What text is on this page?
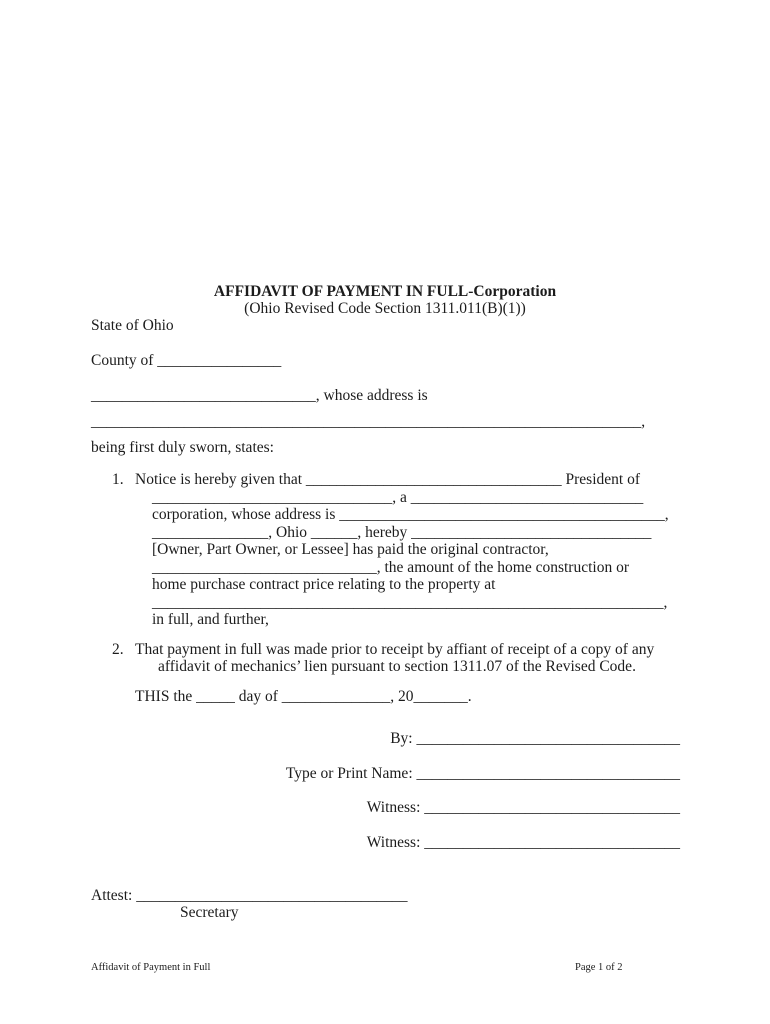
AFFIDAVIT OF PAYMENT IN FULL-Corporation
(Ohio Revised Code Section 1311.011(B)(1))
State of Ohio
County of ________________
_____________________________, whose address is
_______________________________________________________________________,
being first duly sworn, states:
1. Notice is hereby given that _________________________________ President of
_______________________________, a ______________________________
corporation, whose address is __________________________________________,
_______________, Ohio ______, hereby _______________________________
[Owner, Part Owner, or Lessee] has paid the original contractor,
_____________________________, the amount of the home construction or
home purchase contract price relating to the property at
__________________________________________________________________,
in full, and further,
2. That payment in full was made prior to receipt by affiant of receipt of a copy of any
affidavit of mechanics’ lien pursuant to section 1311.07 of the Revised Code.
THIS the _____ day of ______________, 20_______.
By: __________________________________
Type or Print Name: __________________________________
Witness: _________________________________
Witness: _________________________________
Attest: ___________________________________
Secretary
Affidavit of Payment in Full	Page 1 of 2
